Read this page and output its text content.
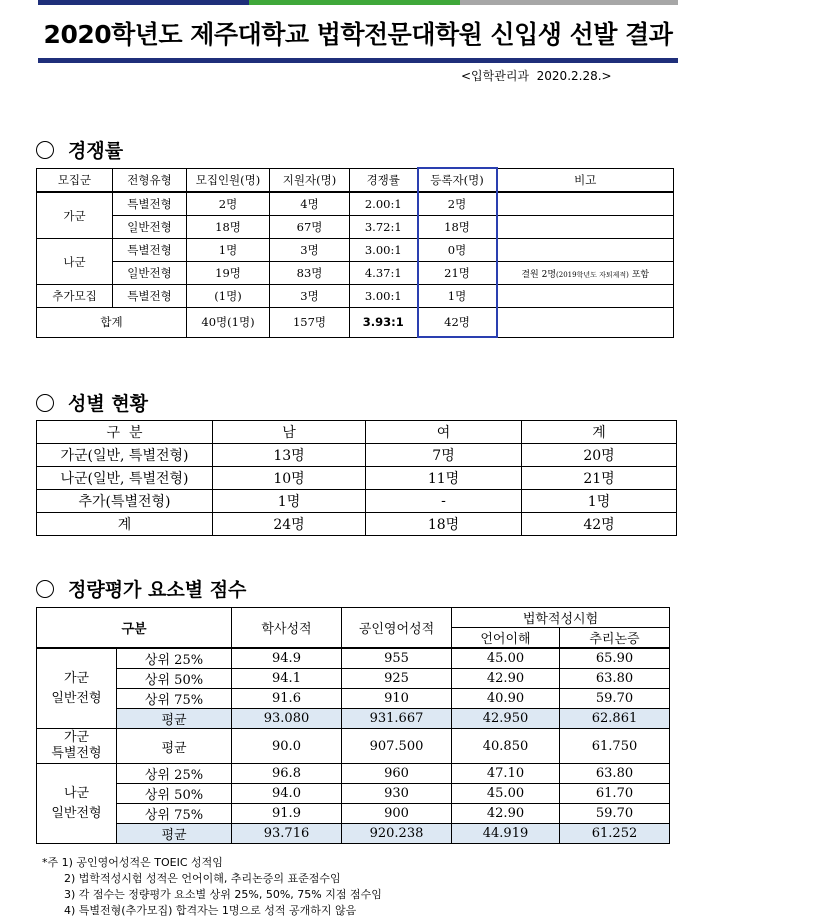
2020학년도 제주대학교 법학전문대학원 신입생 선발 결과
<입학관리과 2020.2.28.>
경쟁률
모집군	전형유형	모집인원(명)	지원자(명)	경쟁률	등록자(명)	비고
가군	특별전형	2명	4명	2.00:1	2명	
	일반전형	18명	67명	3.72:1	18명	
나군	특별전형	1명	3명	3.00:1	0명	
	일반전형	19명	83명	4.37:1	21명	결원 2명(2019학년도 자퇴제적) 포함
추가모집	특별전형	(1명)	3명	3.00:1	1명	
합계		40명(1명)	157명	3.93:1	42명	
성별 현황
구  분	남	여	계
가군(일반, 특별전형)	13명	7명	20명
나군(일반, 특별전형)	10명	11명	21명
추가(특별전형)	1명	-	1명
계	24명	18명	42명
정량평가 요소별 점수
구분		학사성적	공인영어성적	법학적성시험	
				언어이해	추리논증
가군
일반전형	상위 25%	94.9	955	45.00	65.90
	상위 50%	94.1	925	42.90	63.80
	상위 75%	91.6	910	40.90	59.70
	평균	93.080	931.667	42.950	62.861
가군
특별전형	평균	90.0	907.500	40.850	61.750
나군
일반전형	상위 25%	96.8	960	47.10	63.80
	상위 50%	94.0	930	45.00	61.70
	상위 75%	91.9	900	42.90	59.70
	평균	93.716	920.238	44.919	61.252
*주 1) 공인영어성적은 TOEIC 성적임
2) 법학적성시험 성적은 언어이해, 추리논증의 표준점수임
3) 각 점수는 정량평가 요소별 상위 25%, 50%, 75% 지점 점수임
4) 특별전형(추가모집) 합격자는 1명으로 성적 공개하지 않음
